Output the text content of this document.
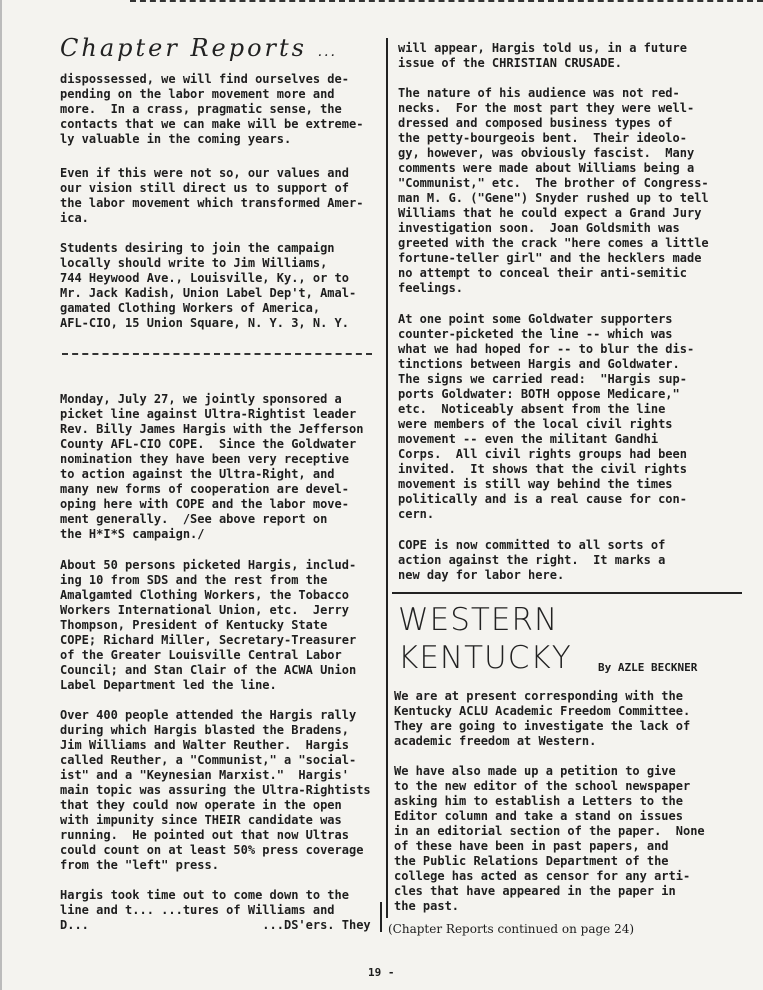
Chapter Reports ...

dispossessed, we will find ourselves de-
pending on the labor movement more and
more.  In a crass, pragmatic sense, the
contacts that we can make will be extreme-
ly valuable in the coming years.

Even if this were not so, our values and
our vision still direct us to support of
the labor movement which transformed Amer-
ica.

Students desiring to join the campaign
locally should write to Jim Williams,
744 Heywood Ave., Louisville, Ky., or to
Mr. Jack Kadish, Union Label Dep't, Amal-
gamated Clothing Workers of America,
AFL-CIO, 15 Union Square, N. Y. 3, N. Y.

Monday, July 27, we jointly sponsored a
picket line against Ultra-Rightist leader
Rev. Billy James Hargis with the Jefferson
County AFL-CIO COPE.  Since the Goldwater
nomination they have been very receptive
to action against the Ultra-Right, and
many new forms of cooperation are devel-
oping here with COPE and the labor move-
ment generally.  /See above report on
the H*I*S campaign./

About 50 persons picketed Hargis, includ-
ing 10 from SDS and the rest from the
Amalgamted Clothing Workers, the Tobacco
Workers International Union, etc.  Jerry
Thompson, President of Kentucky State
COPE; Richard Miller, Secretary-Treasurer
of the Greater Louisville Central Labor
Council; and Stan Clair of the ACWA Union
Label Department led the line.

Over 400 people attended the Hargis rally
during which Hargis blasted the Bradens,
Jim Williams and Walter Reuther.  Hargis
called Reuther, a "Communist," a "social-
ist" and a "Keynesian Marxist."  Hargis'
main topic was assuring the Ultra-Rightists
that they could now operate in the open
with impunity since THEIR candidate was
running.  He pointed out that now Ultras
could count on at least 50% press coverage
from the "left" press.

Hargis took time out to come down to the
line and t... ...tures of Williams and
D...                        ...DS'ers. They

will appear, Hargis told us, in a future
issue of the CHRISTIAN CRUSADE.

The nature of his audience was not red-
necks.  For the most part they were well-
dressed and composed business types of
the petty-bourgeois bent.  Their ideolo-
gy, however, was obviously fascist.  Many
comments were made about Williams being a
"Communist," etc.  The brother of Congress-
man M. G. ("Gene") Snyder rushed up to tell
Williams that he could expect a Grand Jury
investigation soon.  Joan Goldsmith was
greeted with the crack "here comes a little
fortune-teller girl" and the hecklers made
no attempt to conceal their anti-semitic
feelings.

At one point some Goldwater supporters
counter-picketed the line -- which was
what we had hoped for -- to blur the dis-
tinctions between Hargis and Goldwater.
The signs we carried read:  "Hargis sup-
ports Goldwater: BOTH oppose Medicare,"
etc.  Noticeably absent from the line
were members of the local civil rights
movement -- even the militant Gandhi
Corps.  All civil rights groups had been
invited.  It shows that the civil rights
movement is still way behind the times
politically and is a real cause for con-
cern.

COPE is now committed to all sorts of
action against the right.  It marks a
new day for labor here.

WESTERN
KENTUCKY By AZLE BECKNER

We are at present corresponding with the
Kentucky ACLU Academic Freedom Committee.
They are going to investigate the lack of
academic freedom at Western.

We have also made up a petition to give
to the new editor of the school newspaper
asking him to establish a Letters to the
Editor column and take a stand on issues
in an editorial section of the paper.  None
of these have been in past papers, and
the Public Relations Department of the
college has acted as censor for any arti-
cles that have appeared in the paper in
the past.

(Chapter Reports continued on page 24)
19 -
